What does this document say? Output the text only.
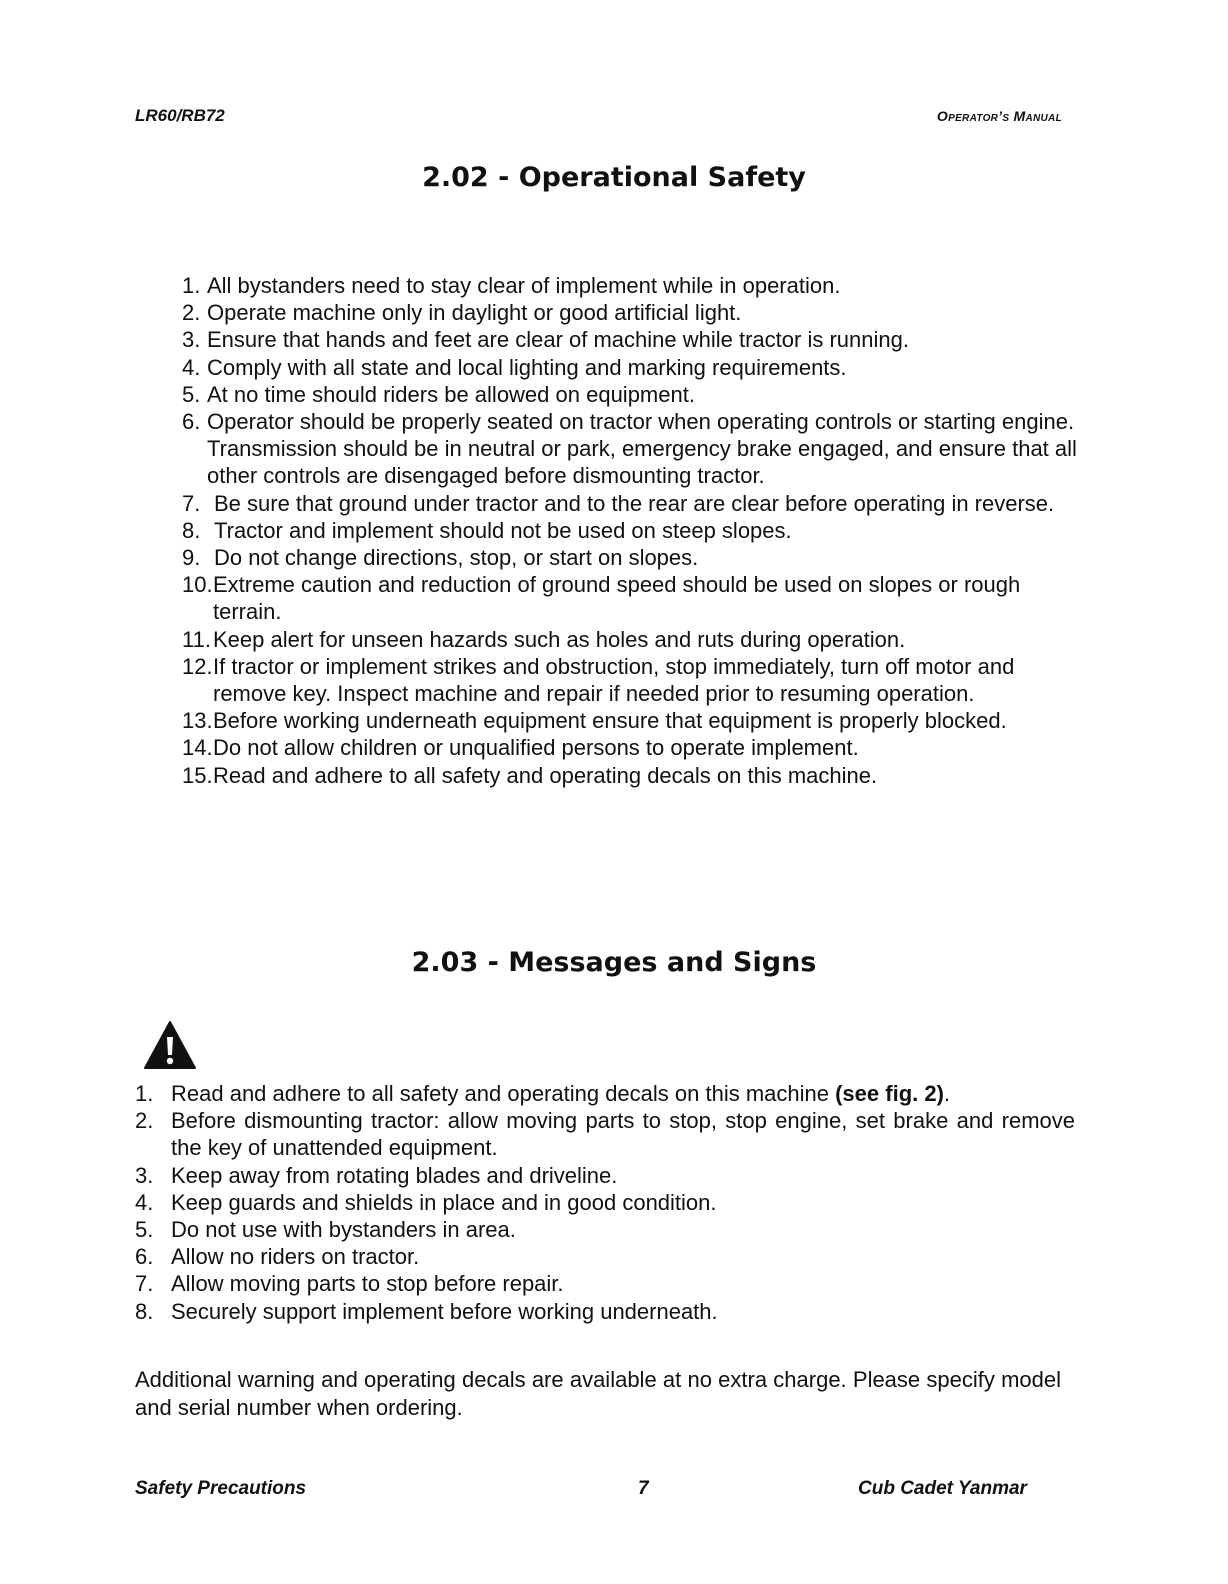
LR60/RB72	Operator’s Manual
2.02 - Operational Safety
1. All bystanders need to stay clear of implement while in operation.
2. Operate machine only in daylight or good artificial light.
3. Ensure that hands and feet are clear of machine while tractor is running.
4. Comply with all state and local lighting and marking requirements.
5. At no time should riders be allowed on equipment.
6. Operator should be properly seated on tractor when operating controls or starting engine. Transmission should be in neutral or park, emergency brake engaged, and ensure that all other controls are disengaged before dismounting tractor.
7. Be sure that ground under tractor and to the rear are clear before operating in reverse.
8. Tractor and implement should not be used on steep slopes.
9. Do not change directions, stop, or start on slopes.
10. Extreme caution and reduction of ground speed should be used on slopes or rough terrain.
11. Keep alert for unseen hazards such as holes and ruts during operation.
12. If tractor or implement strikes and obstruction, stop immediately, turn off motor and remove key. Inspect machine and repair if needed prior to resuming operation.
13. Before working underneath equipment ensure that equipment is properly blocked.
14. Do not allow children or unqualified persons to operate implement.
15. Read and adhere to all safety and operating decals on this machine.
2.03 - Messages and Signs
1. Read and adhere to all safety and operating decals on this machine (see fig. 2).
2. Before dismounting tractor: allow moving parts to stop, stop engine, set brake and remove the key of unattended equipment.
3. Keep away from rotating blades and driveline.
4. Keep guards and shields in place and in good condition.
5. Do not use with bystanders in area.
6. Allow no riders on tractor.
7. Allow moving parts to stop before repair.
8. Securely support implement before working underneath.

Additional warning and operating decals are available at no extra charge. Please specify model and serial number when ordering.

Safety Precautions	7	Cub Cadet Yanmar
